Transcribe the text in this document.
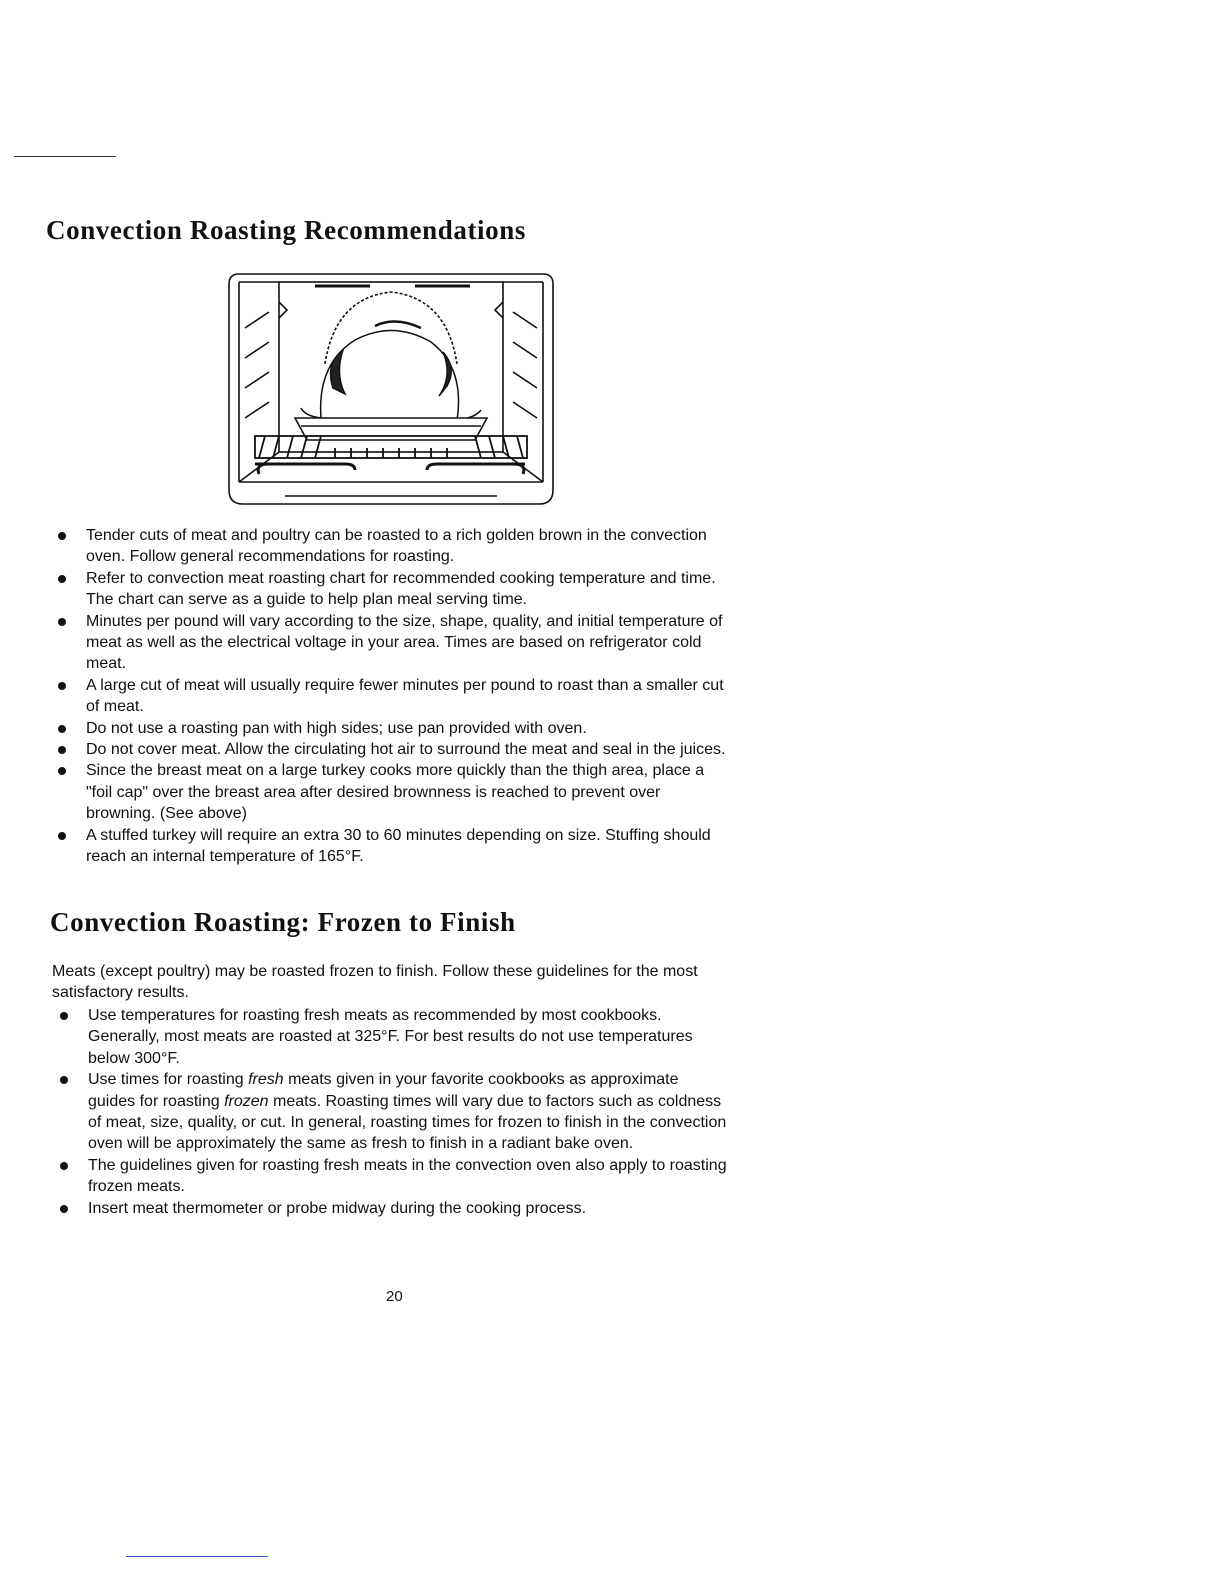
Convection Roasting Recommendations
Tender cuts of meat and poultry can be roasted to a rich golden brown in the convection oven. Follow general recommendations for roasting.
Refer to convection meat roasting chart for recommended cooking temperature and time. The chart can serve as a guide to help plan meal serving time.
Minutes per pound will vary according to the size, shape, quality, and initial temperature of meat as well as the electrical voltage in your area. Times are based on refrigerator cold meat.
A large cut of meat will usually require fewer minutes per pound to roast than a smaller cut of meat.
Do not use a roasting pan with high sides; use pan provided with oven.
Do not cover meat. Allow the circulating hot air to surround the meat and seal in the juices.
Since the breast meat on a large turkey cooks more quickly than the thigh area, place a "foil cap" over the breast area after desired brownness is reached to prevent over browning. (See above)
A stuffed turkey will require an extra 30 to 60 minutes depending on size. Stuffing should reach an internal temperature of 165°F.
Convection Roasting: Frozen to Finish

Meats (except poultry) may be roasted frozen to finish. Follow these guidelines for the most satisfactory results.

Use temperatures for roasting fresh meats as recommended by most cookbooks. Generally, most meats are roasted at 325°F. For best results do not use temperatures below 300°F.
Use times for roasting fresh meats given in your favorite cookbooks as approximate guides for roasting frozen meats. Roasting times will vary due to factors such as coldness of meat, size, quality, or cut. In general, roasting times for frozen to finish in the convection oven will be approximately the same as fresh to finish in a radiant bake oven.
The guidelines given for roasting fresh meats in the convection oven also apply to roasting frozen meats.
Insert meat thermometer or probe midway during the cooking process.
20
